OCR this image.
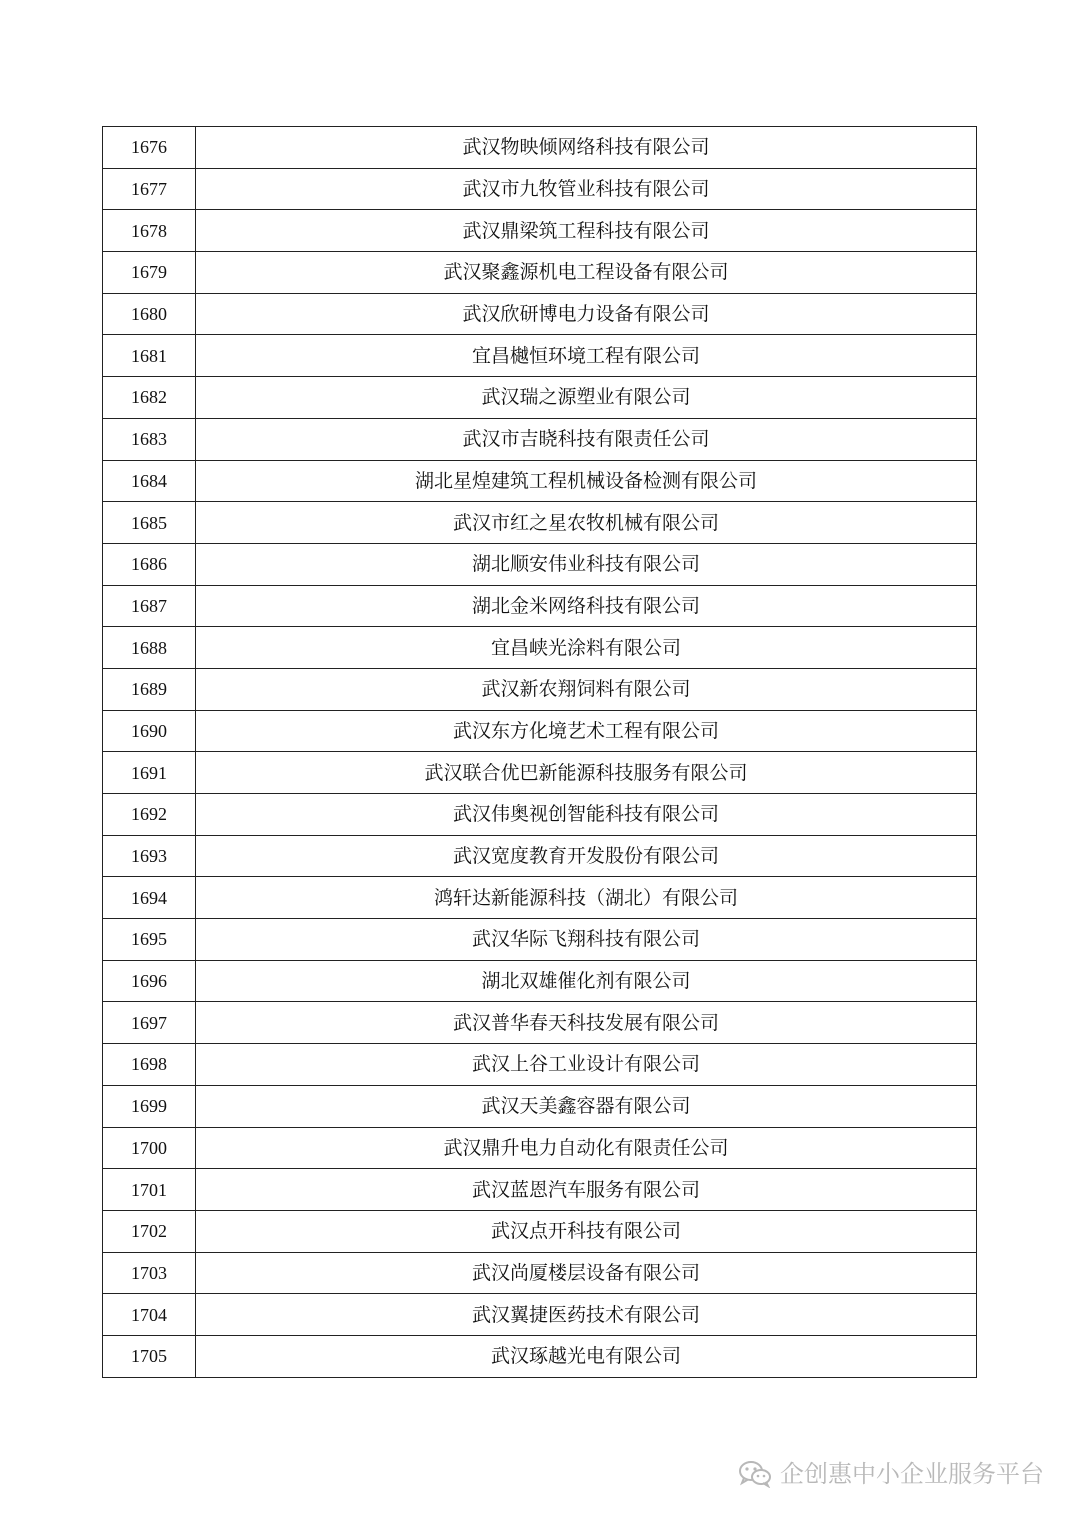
1676	武汉物映倾网络科技有限公司
1677	武汉市九牧管业科技有限公司
1678	武汉鼎梁筑工程科技有限公司
1679	武汉聚鑫源机电工程设备有限公司
1680	武汉欣研博电力设备有限公司
1681	宜昌樾恒环境工程有限公司
1682	武汉瑞之源塑业有限公司
1683	武汉市吉晓科技有限责任公司
1684	湖北星煌建筑工程机械设备检测有限公司
1685	武汉市红之星农牧机械有限公司
1686	湖北顺安伟业科技有限公司
1687	湖北金米网络科技有限公司
1688	宜昌峡光涂料有限公司
1689	武汉新农翔饲料有限公司
1690	武汉东方化境艺术工程有限公司
1691	武汉联合优巴新能源科技服务有限公司
1692	武汉伟奥视创智能科技有限公司
1693	武汉宽度教育开发股份有限公司
1694	鸿轩达新能源科技（湖北）有限公司
1695	武汉华际飞翔科技有限公司
1696	湖北双雄催化剂有限公司
1697	武汉普华春天科技发展有限公司
1698	武汉上谷工业设计有限公司
1699	武汉天美鑫容器有限公司
1700	武汉鼎升电力自动化有限责任公司
1701	武汉蓝恩汽车服务有限公司
1702	武汉点开科技有限公司
1703	武汉尚厦楼层设备有限公司
1704	武汉翼捷医药技术有限公司
1705	武汉琢越光电有限公司
企创惠中小企业服务平台
